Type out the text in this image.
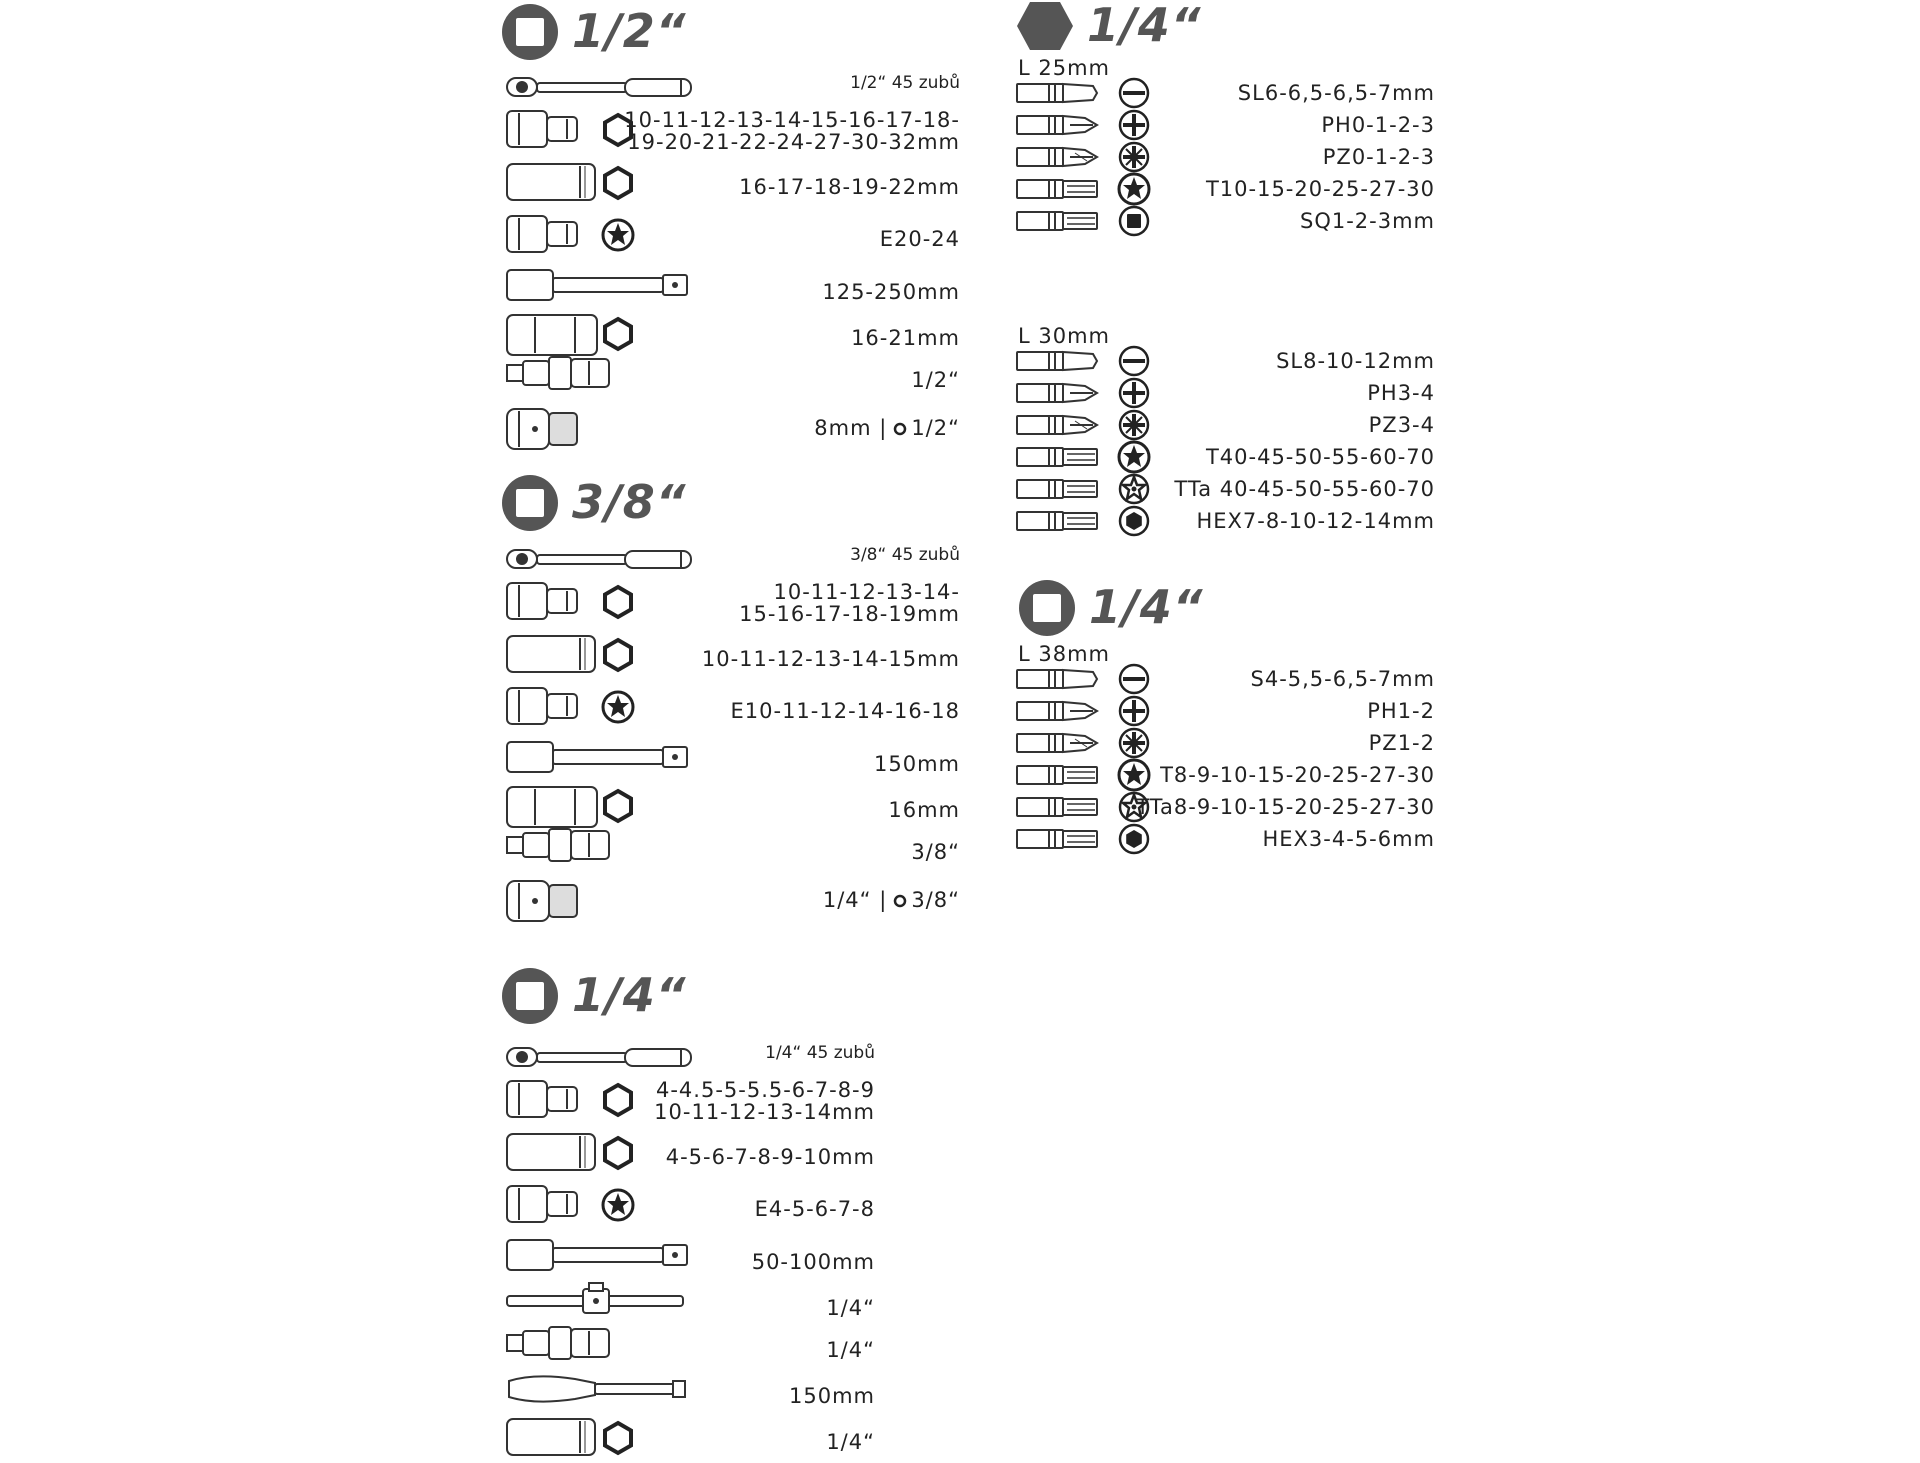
1/2“
1/2“ 45 zubů
10-11-12-13-14-15-16-17-18-
19-20-21-22-24-27-30-32mm
16-17-18-19-22mm
E20-24
125-250mm
16-21mm
1/2“
8mm | 1/2“
3/8“
3/8“ 45 zubů
10-11-12-13-14-
15-16-17-18-19mm
10-11-12-13-14-15mm
E10-11-12-14-16-18
150mm
16mm
3/8“
1/4“ | 3/8“
1/4“
1/4“ 45 zubů
4-4.5-5-5.5-6-7-8-9
10-11-12-13-14mm
4-5-6-7-8-9-10mm
E4-5-6-7-8
50-100mm
1/4“
1/4“
150mm
1/4“
1/4“
L 25mm
SL6-6,5-6,5-7mm
PH0-1-2-3
PZ0-1-2-3
T10-15-20-25-27-30
SQ1-2-3mm
L 30mm
SL8-10-12mm
PH3-4
PZ3-4
T40-45-50-55-60-70
TTa 40-45-50-55-60-70
HEX7-8-10-12-14mm
1/4“
L 38mm
S4-5,5-6,5-7mm
PH1-2
PZ1-2
T8-9-10-15-20-25-27-30
TTa8-9-10-15-20-25-27-30
HEX3-4-5-6mm
